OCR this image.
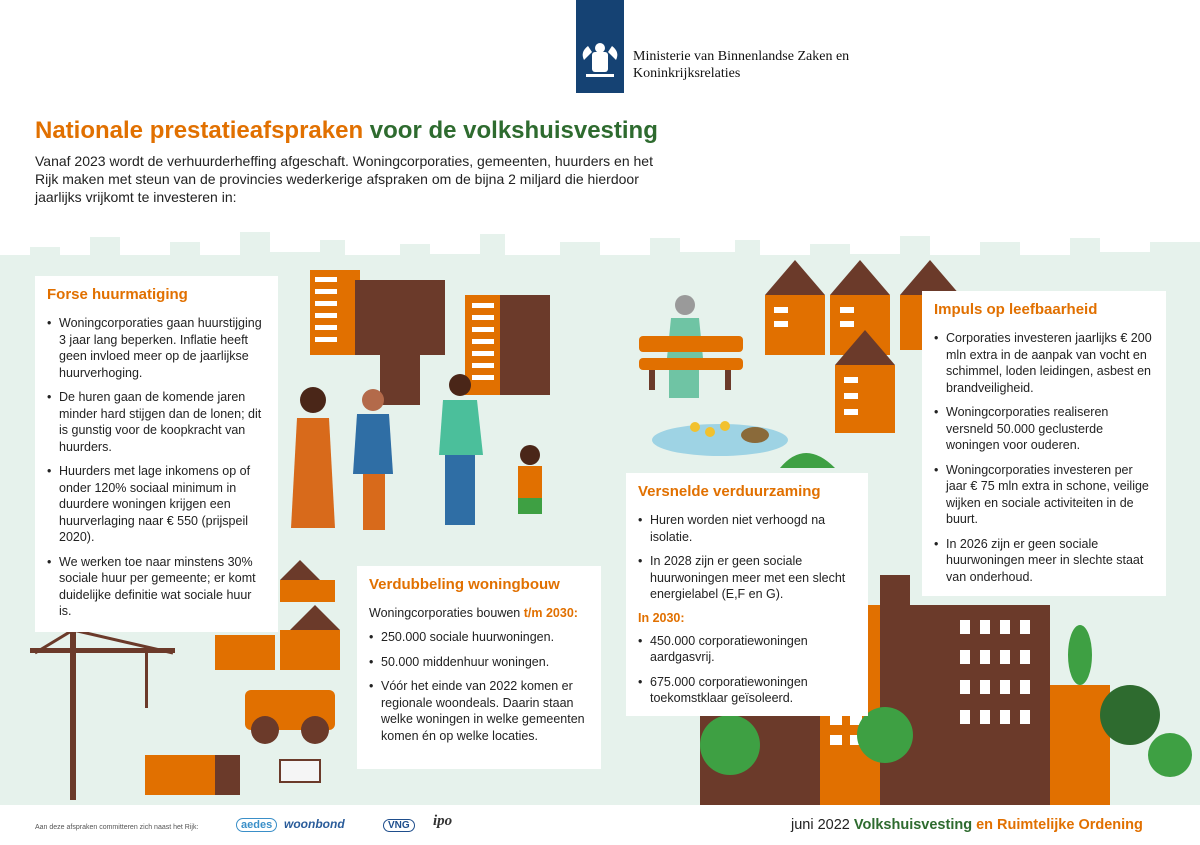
Ministerie van Binnenlandse Zaken en
Koninkrijksrelaties
Nationale prestatieafspraken voor de volkshuisvesting
Vanaf 2023 wordt de verhuurderheffing afgeschaft. Woningcorporaties, gemeenten, huurders en het Rijk maken met steun van de provincies wederkerige afspraken om de bijna 2 miljard die hierdoor jaarlijks vrijkomt te investeren in:
Forse huurmatiging
• Woningcorporaties gaan huurstijging 3 jaar lang beperken. Inflatie heeft geen invloed meer op de jaarlijkse huurverhoging.
• De huren gaan de komende jaren minder hard stijgen dan de lonen; dit is gunstig voor de koopkracht van huurders.
• Huurders met lage inkomens op of onder 120% sociaal minimum in duurdere woningen krijgen een huurverlaging naar € 550 (prijspeil 2020).
• We werken toe naar minstens 30% sociale huur per gemeente; er komt duidelijke definitie wat sociale huur is.
Verdubbeling woningbouw

Woningcorporaties bouwen t/m 2030:

• 250.000 sociale huurwoningen.
• 50.000 middenhuur woningen.
• Vóór het einde van 2022 komen er regionale woondeals. Daarin staan welke woningen in welke gemeenten komen én op welke locaties.
Versnelde verduurzaming
• Huren worden niet verhoogd na isolatie.
• In 2028 zijn er geen sociale huurwoningen meer met een slecht energielabel (E,F en G).
In 2030:
• 450.000 corporatiewoningen aardgasvrij.
• 675.000 corporatiewoningen toekomstklaar geïsoleerd.
Impuls op leefbaarheid
• Corporaties investeren jaarlijks € 200 mln extra in de aanpak van vocht en schimmel, loden leidingen, asbest en brandveiligheid.
• Woningcorporaties realiseren versneld 50.000 geclusterde woningen voor ouderen.
• Woningcorporaties investeren per jaar € 75 mln extra in schone, veilige wijken en sociale activiteiten in de buurt.
• In 2026 zijn er geen sociale huurwoningen meer in slechte staat van onderhoud.
Aan deze afspraken committeren zich naast het Rijk:	aedes woonbond	VNG	ipo	juni 2022 Volkshuisvesting en Ruimtelijke Ordening
